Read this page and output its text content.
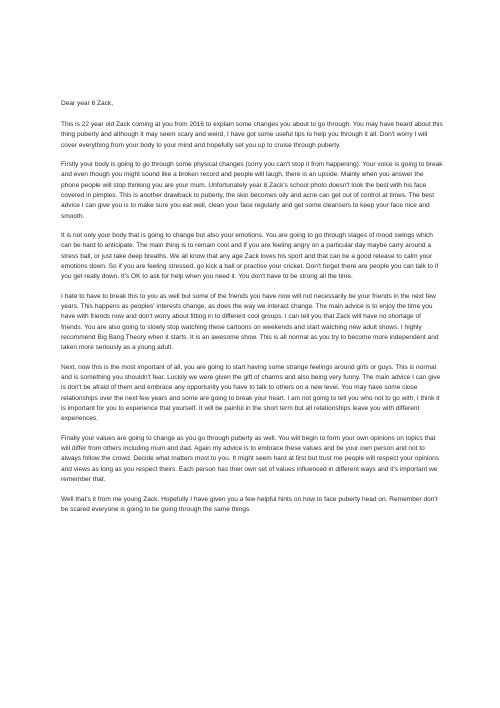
Dear year 6 Zack,

This is 22 year old Zack coming at you from 2016 to explain some changes you about to go through. You may have heard about this thing puberty and although it may seem scary and weird, I have got some useful tips to help you through it all. Don't worry I will cover everything from your body to your mind and hopefully set you up to cruise through puberty.

Firstly your body is going to go through some physical changes (sorry you can't stop it from happening). Your voice is going to break and even though you might sound like a broken record and people will laugh, there is an upside. Mainly when you answer the phone people will stop thinking you are your mum. Unfortunately year 8 Zack's school photo doesn't look the best with his face covered in pimples. This is another drawback to puberty, the skin becomes oily and acne can get out of control at times. The best advice I can give you is to make sure you eat well, clean your face regularly and get some cleansers to keep your face nice and smooth.

It is not only your body that is going to change but also your emotions. You are going to go through stages of mood swings which can be hard to anticipate. The main thing is to remain cool and if you are feeling angry on a particular day maybe carry around a stress ball, or just take deep breaths. We all know that any age Zack loves his sport and that can be a good release to calm your emotions down. So if you are feeling stressed, go kick a ball or practise your cricket. Don't forget there are people you can talk to if you get really down. It's OK to ask for help when you need it. You don't have to be strong all the time.

I hate to have to break this to you as well but some of the friends you have now will not necessarily be your friends in the next few years. This happens as peoples' interests change, as does the way we interact change. The main advice is to enjoy the time you have with friends now and don't worry about fitting in to different cool groups. I can tell you that Zack will have no shortage of friends. You are also going to slowly stop watching these cartoons on weekends and start watching new adult shows. I highly recommend Big Bang Theory when it starts. It is an awesome show. This is all normal as you try to become more independent and taken more seriously as a young adult.

Next, now this is the most important of all, you are going to start having some strange feelings around girls or guys. This is normal and is something you shouldn't fear. Luckily we were given the gift of charms and also being very funny. The main advice I can give is don't be afraid of them and embrace any opportunity you have to talk to others on a new level. You may have some close relationships over the next few years and some are going to break your heart. I am not going to tell you who not to go with, I think it is important for you to experience that yourself. It will be painful in the short term but all relationships leave you with different experiences.

Finally your values are going to change as you go through puberty as well. You will begin to form your own opinions on topics that will differ from others including mum and dad. Again my advice is to embrace these values and be your own person and not to always follow the crowd. Decide what matters most to you. It might seem hard at first but trust me people will respect your opinions and views as long as you respect theirs. Each person has their own set of values influenced in different ways and it's important we remember that.

Well that's it from me young Zack. Hopefully I have given you a few helpful hints on how to face puberty head on. Remember don't be scared everyone is going to be going through the same things.
